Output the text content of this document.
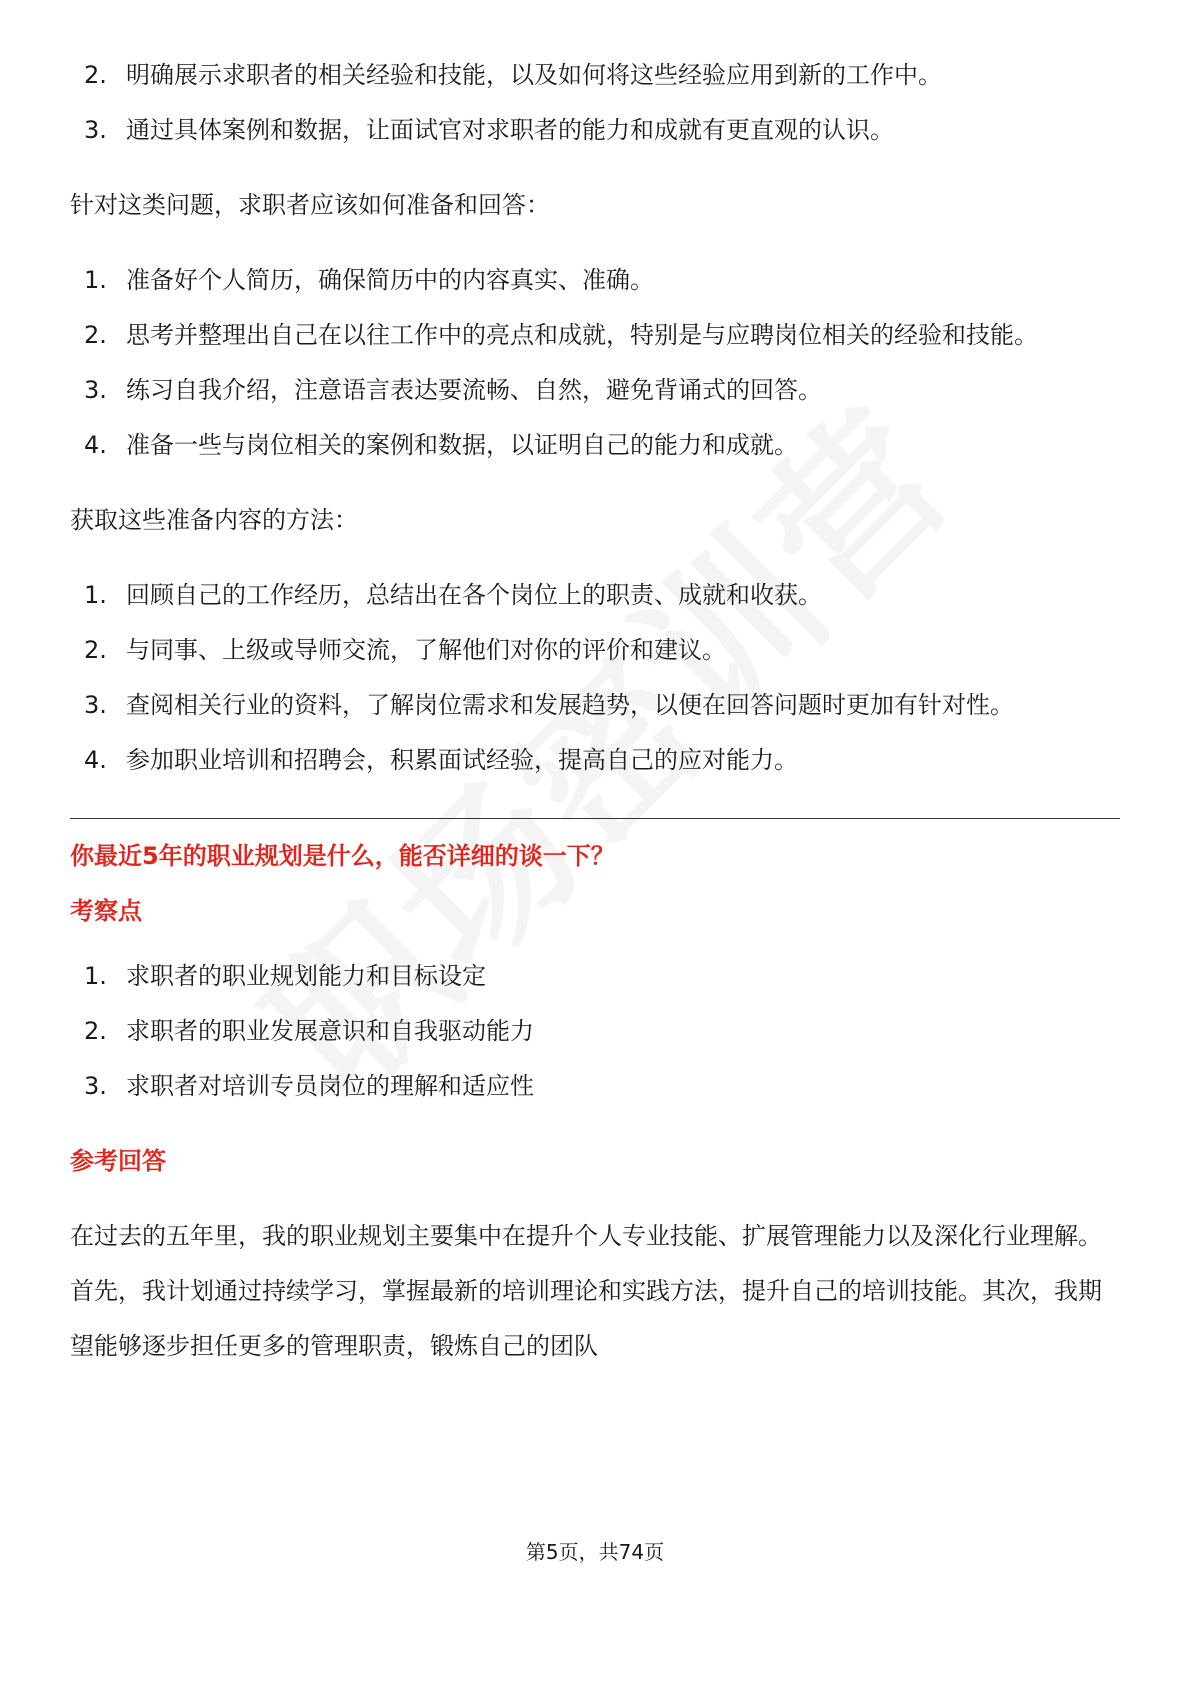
2. 明确展示求职者的相关经验和技能，以及如何将这些经验应用到新的工作中。
3. 通过具体案例和数据，让面试官对求职者的能力和成就有更直观的认识。

针对这类问题，求职者应该如何准备和回答：

1. 准备好个人简历，确保简历中的内容真实、准确。
2. 思考并整理出自己在以往工作中的亮点和成就，特别是与应聘岗位相关的经验和技能。
3. 练习自我介绍，注意语言表达要流畅、自然，避免背诵式的回答。
4. 准备一些与岗位相关的案例和数据，以证明自己的能力和成就。

获取这些准备内容的方法：

1. 回顾自己的工作经历，总结出在各个岗位上的职责、成就和收获。
2. 与同事、上级或导师交流，了解他们对你的评价和建议。
3. 查阅相关行业的资料，了解岗位需求和发展趋势，以便在回答问题时更加有针对性。
4. 参加职业培训和招聘会，积累面试经验，提高自己的应对能力。

你最近5年的职业规划是什么，能否详细的谈一下？

考察点

1. 求职者的职业规划能力和目标设定
2. 求职者的职业发展意识和自我驱动能力
3. 求职者对培训专员岗位的理解和适应性

参考回答

在过去的五年里，我的职业规划主要集中在提升个人专业技能、扩展管理能力以及深化行业理解。首先，我计划通过持续学习，掌握最新的培训理论和实践方法，提升自己的培训技能。其次，我期望能够逐步担任更多的管理职责，锻炼自己的团队

第5页，共74页
